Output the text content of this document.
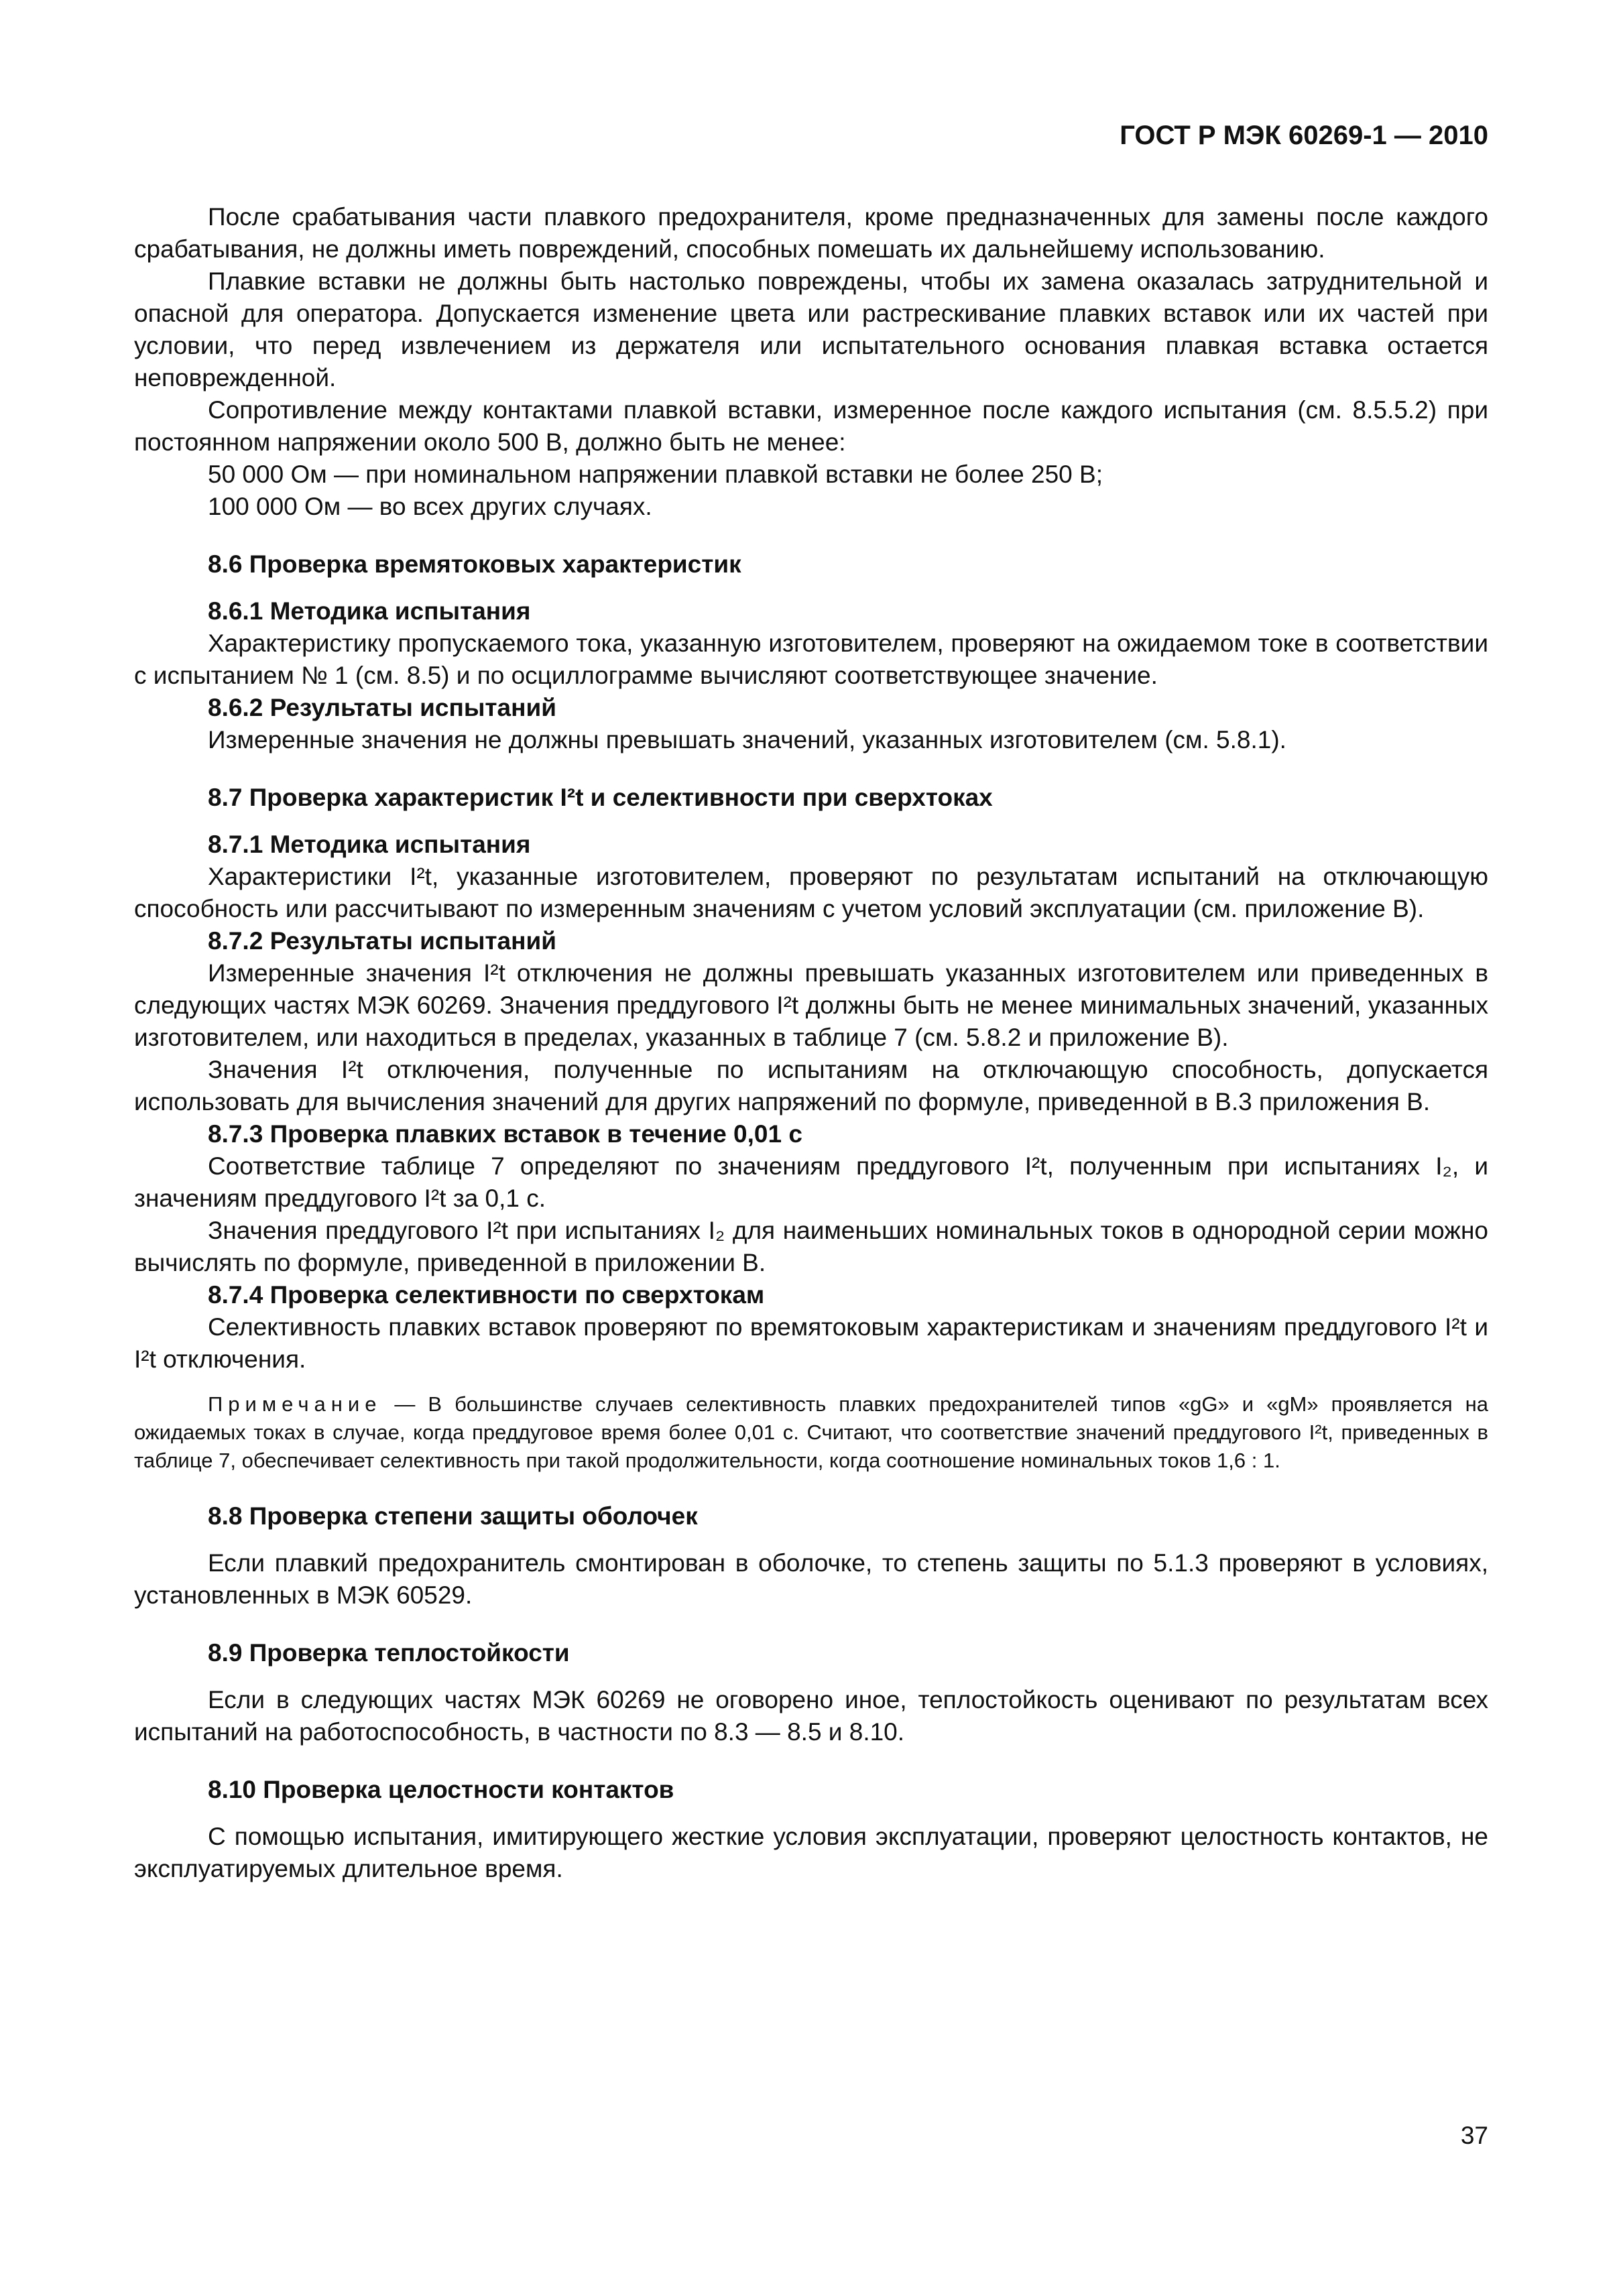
ГОСТ Р МЭК 60269-1 — 2010

После срабатывания части плавкого предохранителя, кроме предназначенных для замены после каждого срабатывания, не должны иметь повреждений, способных помешать их дальнейшему использованию.

Плавкие вставки не должны быть настолько повреждены, чтобы их замена оказалась затруднительной и опасной для оператора. Допускается изменение цвета или растрескивание плавких вставок или их частей при условии, что перед извлечением из держателя или испытательного основания плавкая вставка остается неповрежденной.

Сопротивление между контактами плавкой вставки, измеренное после каждого испытания (см. 8.5.5.2) при постоянном напряжении около 500 В, должно быть не менее:

50 000 Ом — при номинальном напряжении плавкой вставки не более 250 В;

100 000 Ом — во всех других случаях.

8.6 Проверка времятоковых характеристик

8.6.1 Методика испытания

Характеристику пропускаемого тока, указанную изготовителем, проверяют на ожидаемом токе в соответствии с испытанием № 1 (см. 8.5) и по осциллограмме вычисляют соответствующее значение.

8.6.2 Результаты испытаний

Измеренные значения не должны превышать значений, указанных изготовителем (см. 5.8.1).

8.7 Проверка характеристик I²t и селективности при сверхтоках

8.7.1 Методика испытания

Характеристики I²t, указанные изготовителем, проверяют по результатам испытаний на отключающую способность или рассчитывают по измеренным значениям с учетом условий эксплуатации (см. приложение В).

8.7.2 Результаты испытаний

Измеренные значения I²t отключения не должны превышать указанных изготовителем или приведенных в следующих частях МЭК 60269. Значения преддугового I²t должны быть не менее минимальных значений, указанных изготовителем, или находиться в пределах, указанных в таблице 7 (см. 5.8.2 и приложение В).

Значения I²t отключения, полученные по испытаниям на отключающую способность, допускается использовать для вычисления значений для других напряжений по формуле, приведенной в В.3 приложения В.

8.7.3 Проверка плавких вставок в течение 0,01 с

Соответствие таблице 7 определяют по значениям преддугового I²t, полученным при испытаниях I₂, и значениям преддугового I²t за 0,1 с.

Значения преддугового I²t при испытаниях I₂ для наименьших номинальных токов в однородной серии можно вычислять по формуле, приведенной в приложении В.

8.7.4 Проверка селективности по сверхтокам

Селективность плавких вставок проверяют по времятоковым характеристикам и значениям преддугового I²t и I²t отключения.

Примечание — В большинстве случаев селективность плавких предохранителей типов «gG» и «gM» проявляется на ожидаемых токах в случае, когда преддуговое время более 0,01 с. Считают, что соответствие значений преддугового I²t, приведенных в таблице 7, обеспечивает селективность при такой продолжительности, когда соотношение номинальных токов 1,6 : 1.

8.8 Проверка степени защиты оболочек

Если плавкий предохранитель смонтирован в оболочке, то степень защиты по 5.1.3 проверяют в условиях, установленных в МЭК 60529.

8.9 Проверка теплостойкости

Если в следующих частях МЭК 60269 не оговорено иное, теплостойкость оценивают по результатам всех испытаний на работоспособность, в частности по 8.3 — 8.5 и 8.10.

8.10 Проверка целостности контактов

С помощью испытания, имитирующего жесткие условия эксплуатации, проверяют целостность контактов, не эксплуатируемых длительное время.

37
